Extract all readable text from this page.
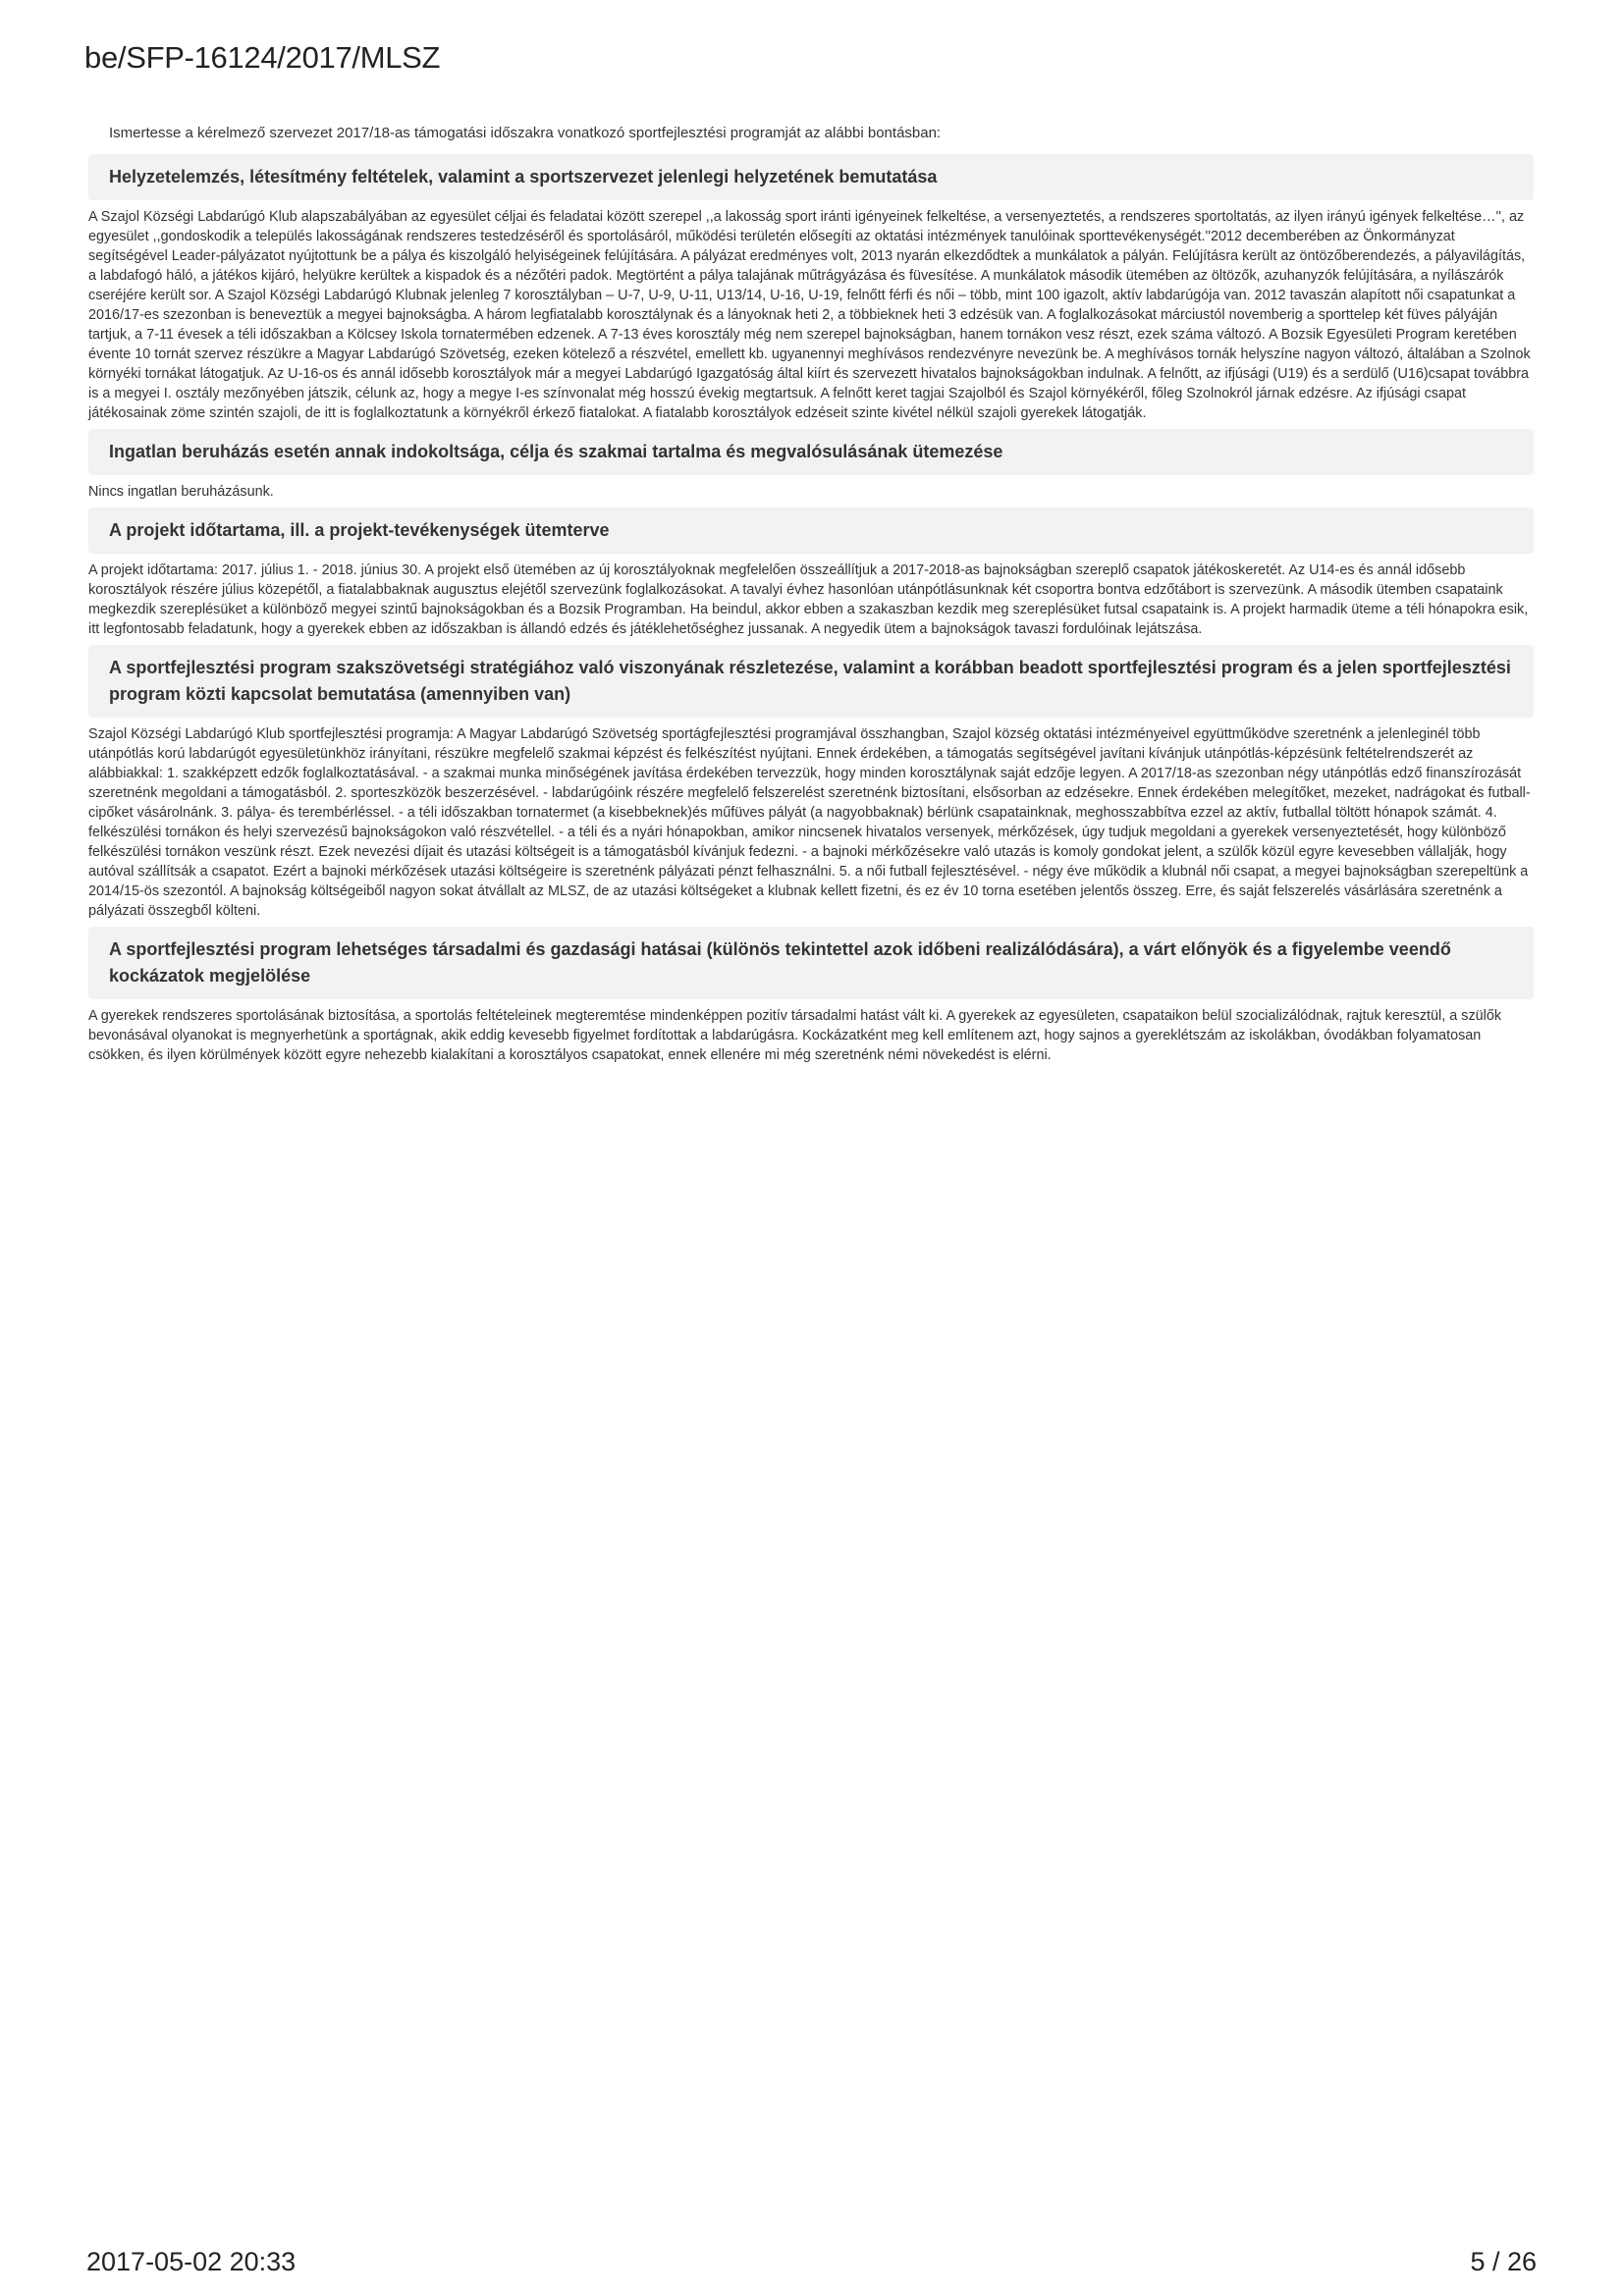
be/SFP-16124/2017/MLSZ
Ismertesse a kérelmező szervezet 2017/18-as támogatási időszakra vonatkozó sportfejlesztési programját az alábbi bontásban:
Helyzetelemzés, létesítmény feltételek, valamint a sportszervezet jelenlegi helyzetének bemutatása
A Szajol Községi Labdarúgó Klub alapszabályában az egyesület céljai és feladatai között szerepel ,,a lakosság sport iránti igényeinek felkeltése, a versenyeztetés, a rendszeres sportoltatás, az ilyen irányú igények felkeltése…'', az egyesület ,,gondoskodik a település lakosságának rendszeres testedzéséről és sportolásáról, működési területén elősegíti az oktatási intézmények tanulóinak sporttevékenységét.''2012 decemberében az Önkormányzat segítségével Leader-pályázatot nyújtottunk be a pálya és kiszolgáló helyiségeinek felújítására. A pályázat eredményes volt, 2013 nyarán elkezdődtek a munkálatok a pályán. Felújításra került az öntözőberendezés, a pályavilágítás, a labdafogó háló, a játékos kijáró, helyükre kerültek a kispadok és a nézőtéri padok. Megtörtént a pálya talajának műtrágyázása és füvesítése. A munkálatok második ütemében az öltözők, azuhanyzók felújítására, a nyílászárók cseréjére került sor. A Szajol Községi Labdarúgó Klubnak jelenleg 7 korosztályban – U-7, U-9, U-11, U13/14, U-16, U-19, felnőtt férfi és női – több, mint 100 igazolt, aktív labdarúgója van. 2012 tavaszán alapított női csapatunkat a 2016/17-es szezonban is beneveztük a megyei bajnokságba. A három legfiatalabb korosztálynak és a lányoknak heti 2, a többieknek heti 3 edzésük van. A foglalkozásokat márciustól novemberig a sporttelep két füves pályáján tartjuk, a 7-11 évesek a téli időszakban a Kölcsey Iskola tornatermében edzenek. A 7-13 éves korosztály még nem szerepel bajnokságban, hanem tornákon vesz részt, ezek száma változó. A Bozsik Egyesületi Program keretében évente 10 tornát szervez részükre a Magyar Labdarúgó Szövetség, ezeken kötelező a részvétel, emellett kb. ugyanennyi meghívásos rendezvényre nevezünk be. A meghívásos tornák helyszíne nagyon változó, általában a Szolnok környéki tornákat látogatjuk. Az U-16-os és annál idősebb korosztályok már a megyei Labdarúgó Igazgatóság által kiírt és szervezett hivatalos bajnokságokban indulnak. A felnőtt, az ifjúsági (U19) és a serdülő (U16)csapat továbbra is a megyei I. osztály mezőnyében játszik, célunk az, hogy a megye I-es színvonalat még hosszú évekig megtartsuk. A felnőtt keret tagjai Szajolból és Szajol környékéről, főleg Szolnokról járnak edzésre. Az ifjúsági csapat játékosainak zöme szintén szajoli, de itt is foglalkoztatunk a környékről érkező fiatalokat. A fiatalabb korosztályok edzéseit szinte kivétel nélkül szajoli gyerekek látogatják.
Ingatlan beruházás esetén annak indokoltsága, célja és szakmai tartalma és megvalósulásának ütemezése
Nincs ingatlan beruházásunk.
A projekt időtartama, ill. a projekt-tevékenységek ütemterve
A projekt időtartama: 2017. július 1. - 2018. június 30. A projekt első ütemében az új korosztályoknak megfelelően összeállítjuk a 2017-2018-as bajnokságban szereplő csapatok játékoskeretét. Az U14-es és annál idősebb korosztályok részére július közepétől, a fiatalabbaknak augusztus elejétől szervezünk foglalkozásokat. A tavalyi évhez hasonlóan utánpótlásunknak két csoportra bontva edzőtábort is szervezünk. A második ütemben csapataink megkezdik szereplésüket a különböző megyei szintű bajnokságokban és a Bozsik Programban. Ha beindul, akkor ebben a szakaszban kezdik meg szereplésüket futsal csapataink is. A projekt harmadik üteme a téli hónapokra esik, itt legfontosabb feladatunk, hogy a gyerekek ebben az időszakban is állandó edzés és játéklehetőséghez jussanak. A negyedik ütem a bajnokságok tavaszi fordulóinak lejátszása.
A sportfejlesztési program szakszövetségi stratégiához való viszonyának részletezése, valamint a korábban beadott sportfejlesztési program és a jelen sportfejlesztési program közti kapcsolat bemutatása (amennyiben van)
Szajol Községi Labdarúgó Klub sportfejlesztési programja: A Magyar Labdarúgó Szövetség sportágfejlesztési programjával összhangban, Szajol község oktatási intézményeivel együttműködve szeretnénk a jelenleginél több utánpótlás korú labdarúgót egyesületünkhöz irányítani, részükre megfelelő szakmai képzést és felkészítést nyújtani. Ennek érdekében, a támogatás segítségével javítani kívánjuk utánpótlás-képzésünk feltételrendszerét az alábbiakkal: 1. szakképzett edzők foglalkoztatásával. - a szakmai munka minőségének javítása érdekében tervezzük, hogy minden korosztálynak saját edzője legyen. A 2017/18-as szezonban négy utánpótlás edző finanszírozását szeretnénk megoldani a támogatásból. 2. sporteszközök beszerzésével. - labdarúgóink részére megfelelő felszerelést szeretnénk biztosítani, elsősorban az edzésekre. Ennek érdekében melegítőket, mezeket, nadrágokat és futball-cipőket vásárolnánk. 3. pálya- és terembérléssel. - a téli időszakban tornatermet (a kisebbeknek)és műfüves pályát (a nagyobbaknak) bérlünk csapatainknak, meghosszabbítva ezzel az aktív, futballal töltött hónapok számát. 4. felkészülési tornákon és helyi szervezésű bajnokságokon való részvétellel. - a téli és a nyári hónapokban, amikor nincsenek hivatalos versenyek, mérkőzések, úgy tudjuk megoldani a gyerekek versenyeztetését, hogy különböző felkészülési tornákon veszünk részt. Ezek nevezési díjait és utazási költségeit is a támogatásból kívánjuk fedezni. - a bajnoki mérkőzésekre való utazás is komoly gondokat jelent, a szülők közül egyre kevesebben vállalják, hogy autóval szállítsák a csapatot. Ezért a bajnoki mérkőzések utazási költségeire is szeretnénk pályázati pénzt felhasználni. 5. a női futball fejlesztésével. - négy éve működik a klubnál női csapat, a megyei bajnokságban szerepeltünk a 2014/15-ös szezontól. A bajnokság költségeiből nagyon sokat átvállalt az MLSZ, de az utazási költségeket a klubnak kellett fizetni, és ez év 10 torna esetében jelentős összeg. Erre, és saját felszerelés vásárlására szeretnénk a pályázati összegből költeni.
A sportfejlesztési program lehetséges társadalmi és gazdasági hatásai (különös tekintettel azok időbeni realizálódására), a várt előnyök és a figyelembe veendő kockázatok megjelölése
A gyerekek rendszeres sportolásának biztosítása, a sportolás feltételeinek megteremtése mindenképpen pozitív társadalmi hatást vált ki. A gyerekek az egyesületen, csapataikon belül szocializálódnak, rajtuk keresztül, a szülők bevonásával olyanokat is megnyerhetünk a sportágnak, akik eddig kevesebb figyelmet fordítottak a labdarúgásra. Kockázatként meg kell említenem azt, hogy sajnos a gyereklétszám az iskolákban, óvodákban folyamatosan csökken, és ilyen körülmények között egyre nehezebb kialakítani a korosztályos csapatokat, ennek ellenére mi még szeretnénk némi növekedést is elérni.
2017-05-02 20:33	5 / 26
